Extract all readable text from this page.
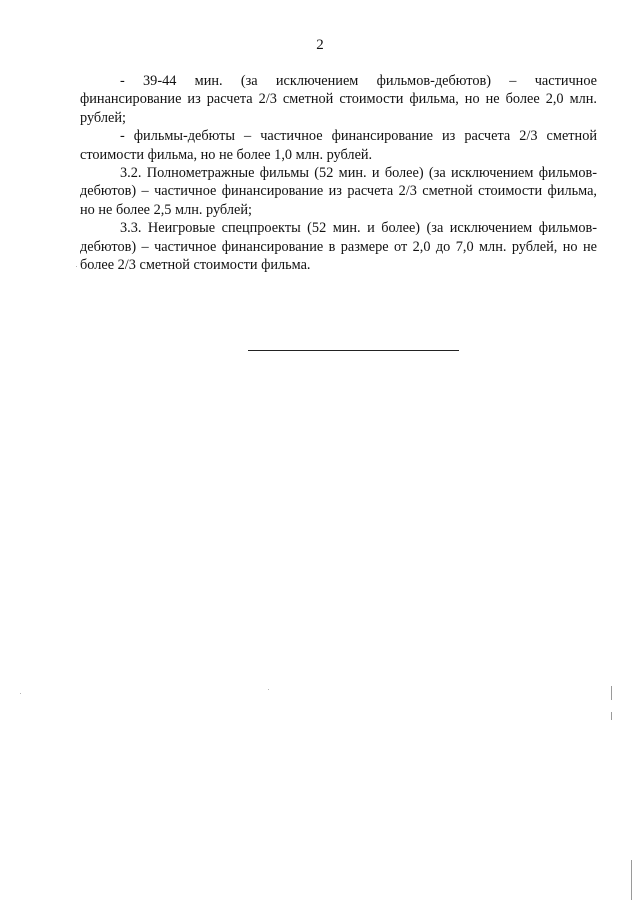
2

- 39-44 мин. (за исключением фильмов-дебютов) – частичное финансирование из расчета 2/3 сметной стоимости фильма, но не более 2,0 млн. рублей;

- фильмы-дебюты – частичное финансирование из расчета 2/3 сметной стоимости фильма, но не более 1,0 млн. рублей.

3.2. Полнометражные фильмы (52 мин. и более) (за исключением фильмов-дебютов) – частичное финансирование из расчета 2/3 сметной стоимости фильма, но не более 2,5 млн. рублей;

3.3. Неигровые спецпроекты (52 мин. и более) (за исключением фильмов-дебютов) – частичное финансирование в размере от 2,0 до 7,0 млн. рублей, но не более 2/3 сметной стоимости фильма.
